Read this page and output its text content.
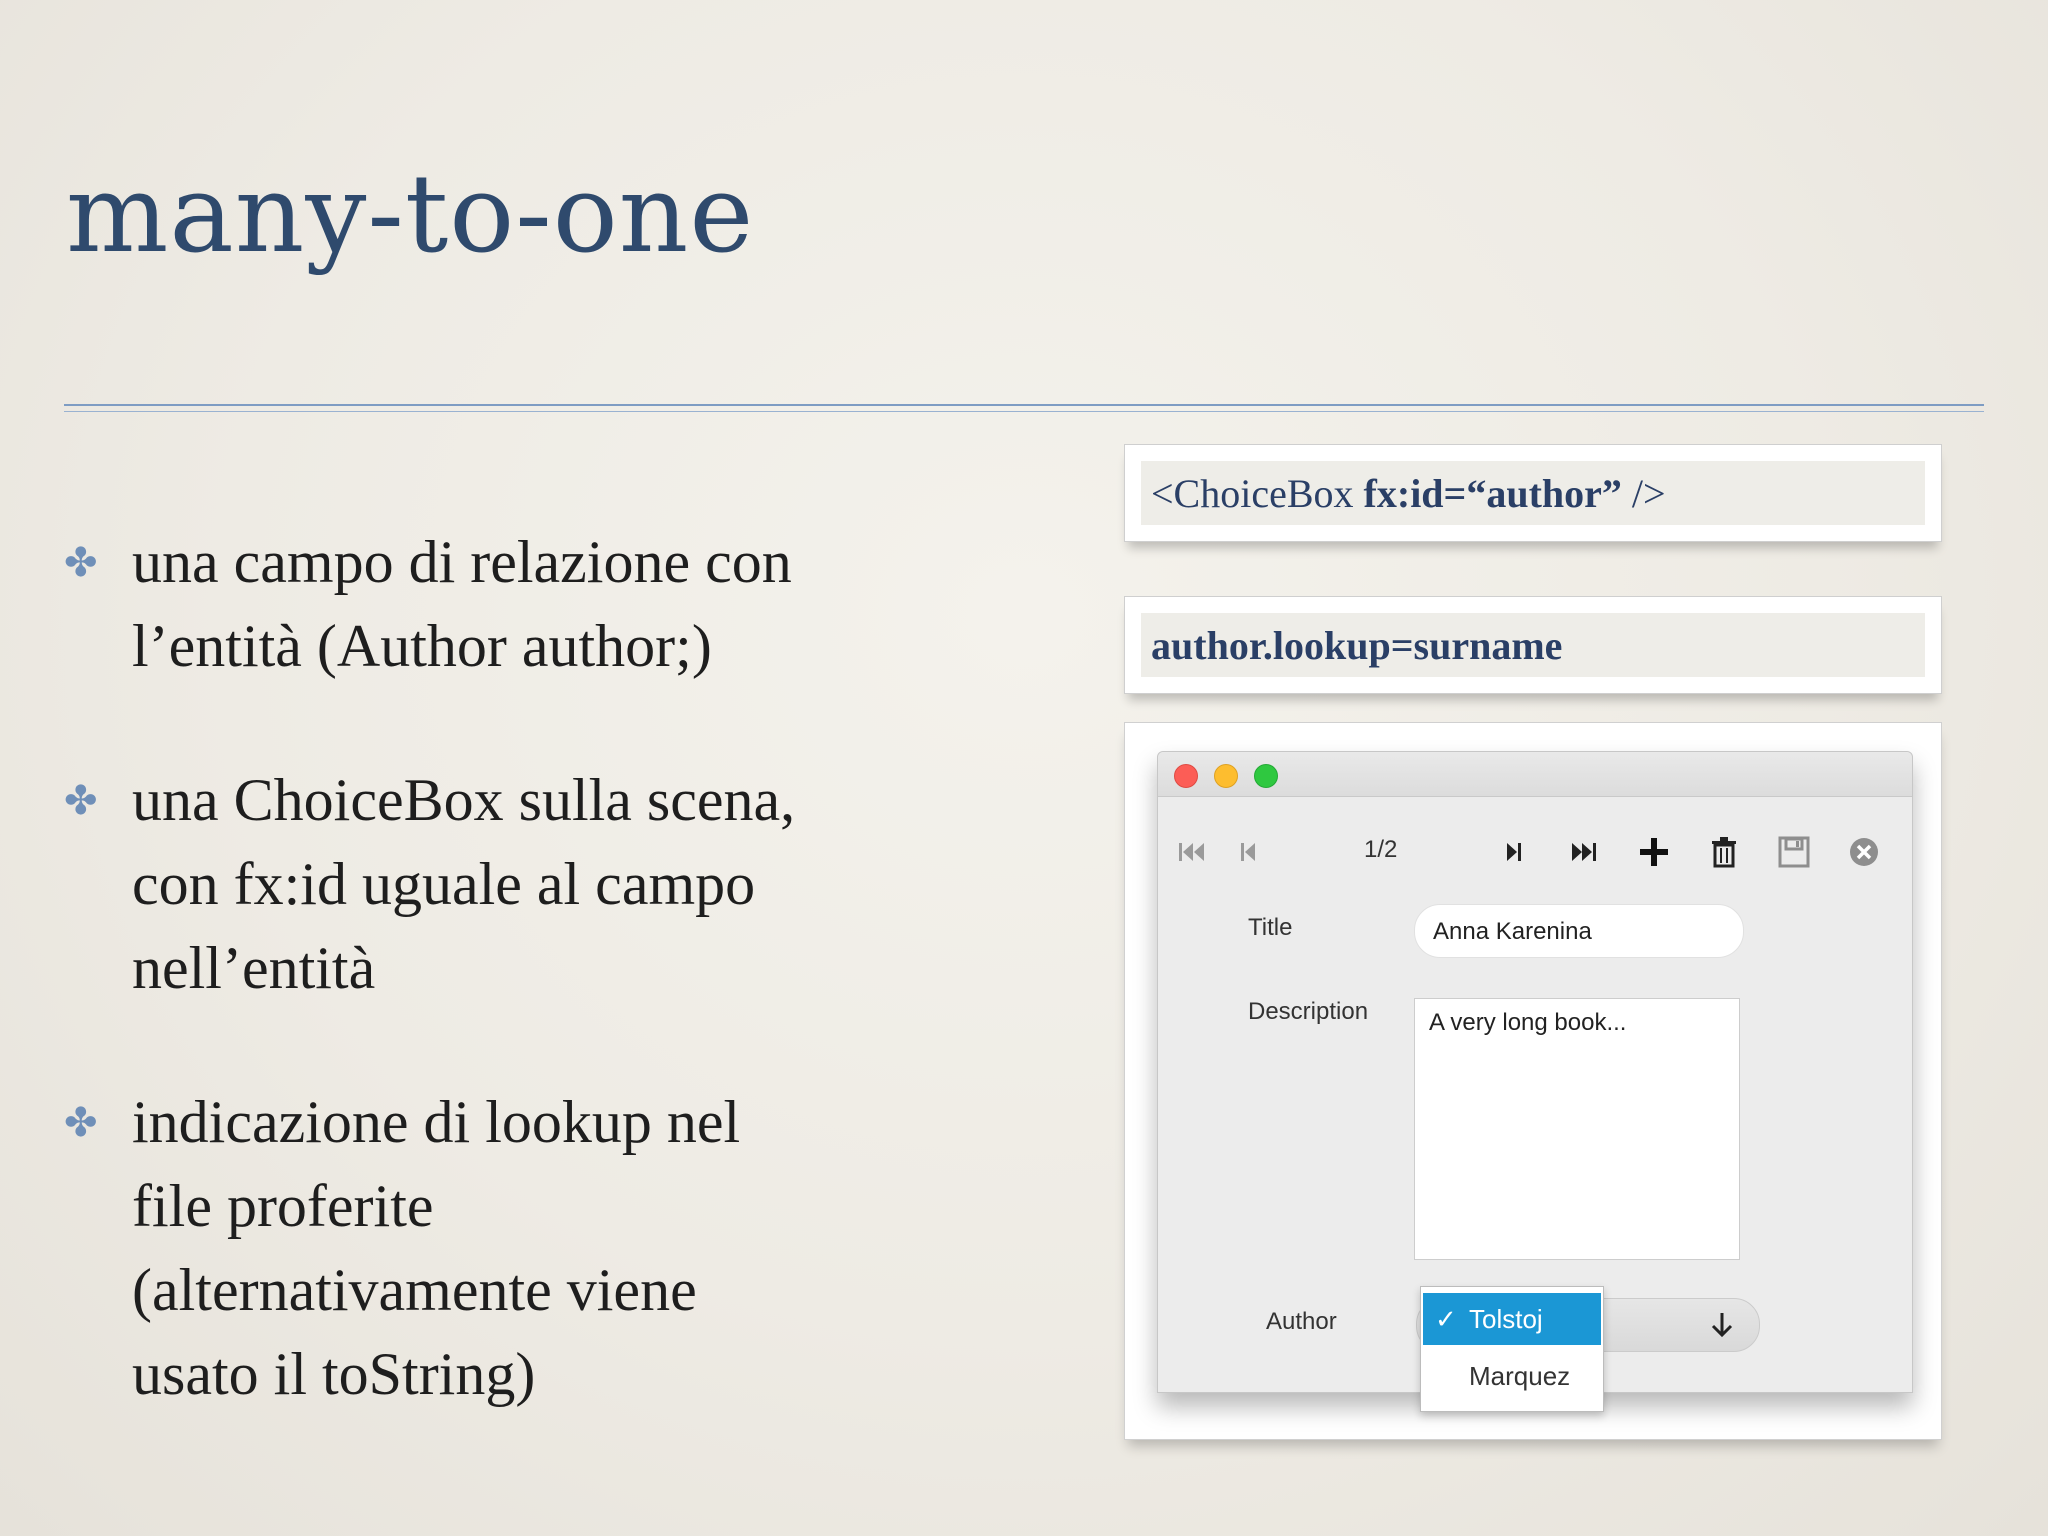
many-to-one
✤ una campo di relazione con
l’entità (Author author;)
✤ una ChoiceBox sulla scena,
con fx:id uguale al campo
nell’entità
✤ indicazione di lookup nel
file proferite
(alternativamente viene
usato il toString)
<ChoiceBox fx:id=“author” />
author.lookup=surname
1/2
Title	Anna Karenina
Description	A very long book...
Author	✓ Tolstoj
Marquez
